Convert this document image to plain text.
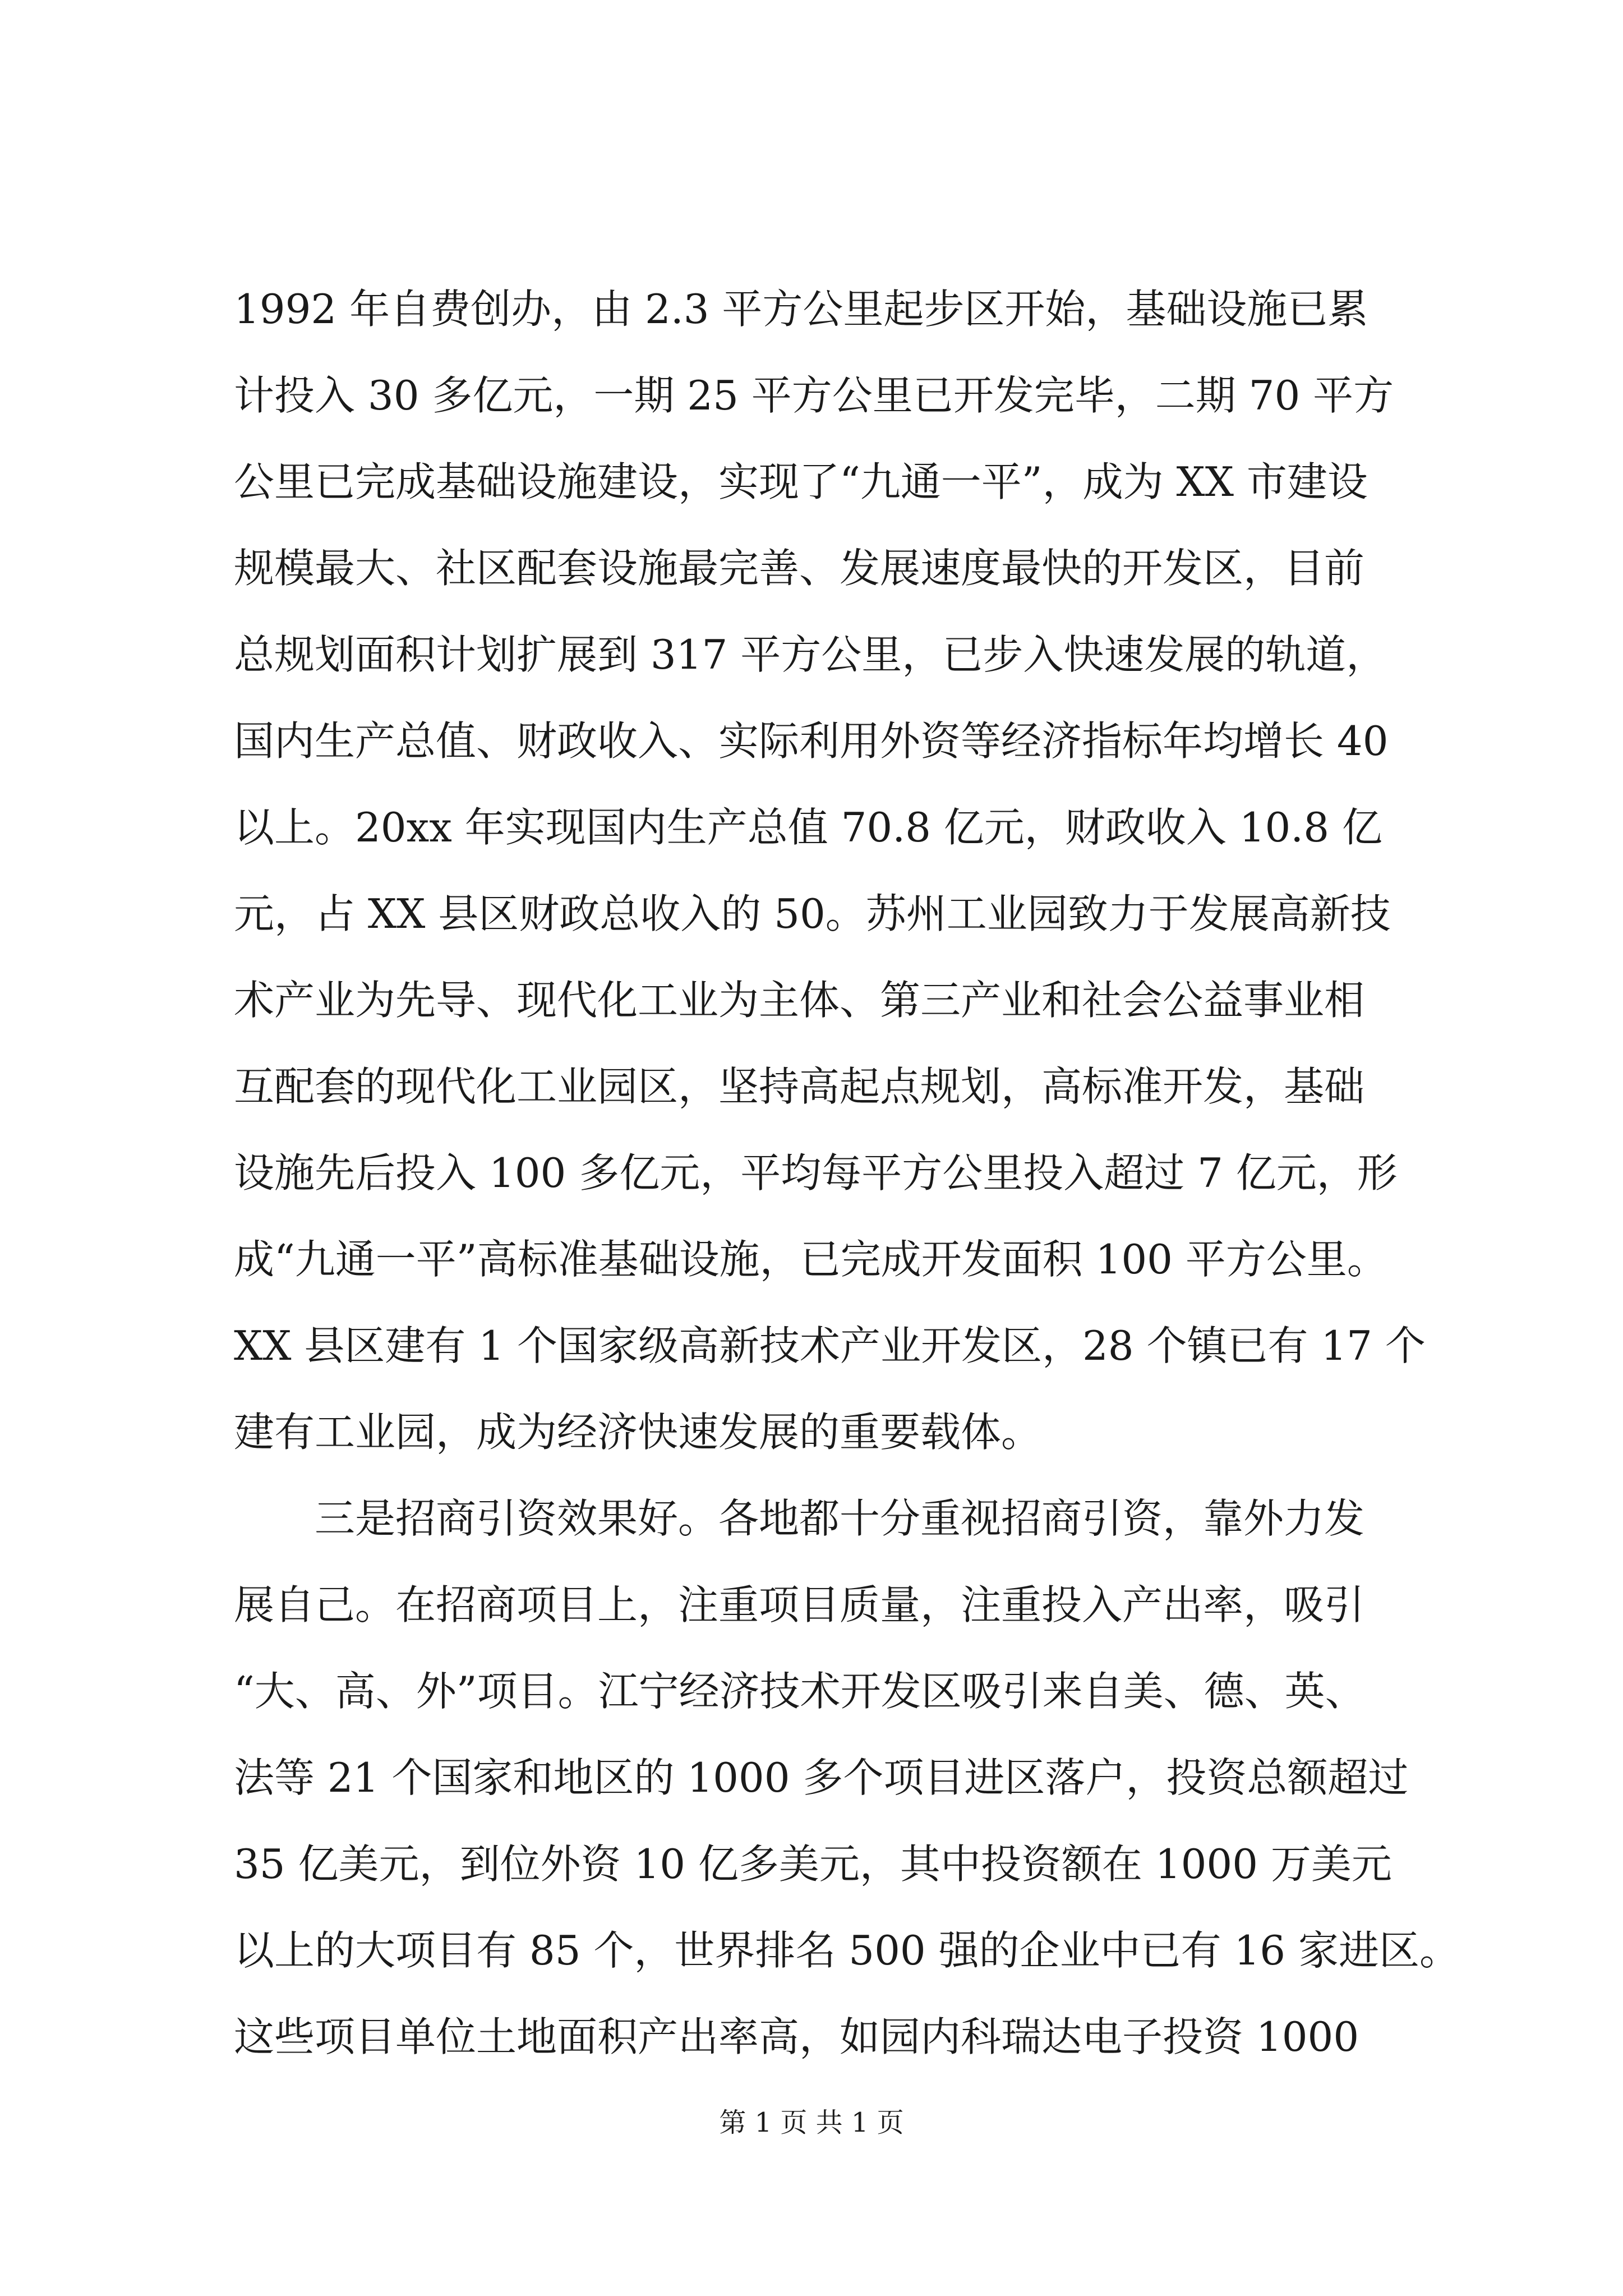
1992 年自费创办，由 2.3 平方公里起步区开始，基础设施已累
计投入 30 多亿元，一期 25 平方公里已开发完毕，二期 70 平方
公里已完成基础设施建设，实现了“九通一平”，成为 XX 市建设
规模最大、社区配套设施最完善、发展速度最快的开发区，目前
总规划面积计划扩展到 317 平方公里，已步入快速发展的轨道，
国内生产总值、财政收入、实际利用外资等经济指标年均增长 40
以上。20xx 年实现国内生产总值 70.8 亿元，财政收入 10.8 亿
元，占 XX 县区财政总收入的 50。苏州工业园致力于发展高新技
术产业为先导、现代化工业为主体、第三产业和社会公益事业相
互配套的现代化工业园区，坚持高起点规划，高标准开发，基础
设施先后投入 100 多亿元，平均每平方公里投入超过 7 亿元，形
成“九通一平”高标准基础设施，已完成开发面积 100 平方公里。
XX 县区建有 1 个国家级高新技术产业开发区，28 个镇已有 17 个
建有工业园，成为经济快速发展的重要载体。
三是招商引资效果好。各地都十分重视招商引资，靠外力发
展自己。在招商项目上，注重项目质量，注重投入产出率，吸引
“大、高、外”项目。江宁经济技术开发区吸引来自美、德、英、
法等 21 个国家和地区的 1000 多个项目进区落户，投资总额超过
35 亿美元，到位外资 10 亿多美元，其中投资额在 1000 万美元
以上的大项目有 85 个，世界排名 500 强的企业中已有 16 家进区。
这些项目单位土地面积产出率高，如园内科瑞达电子投资 1000
第 1 页 共 1 页
